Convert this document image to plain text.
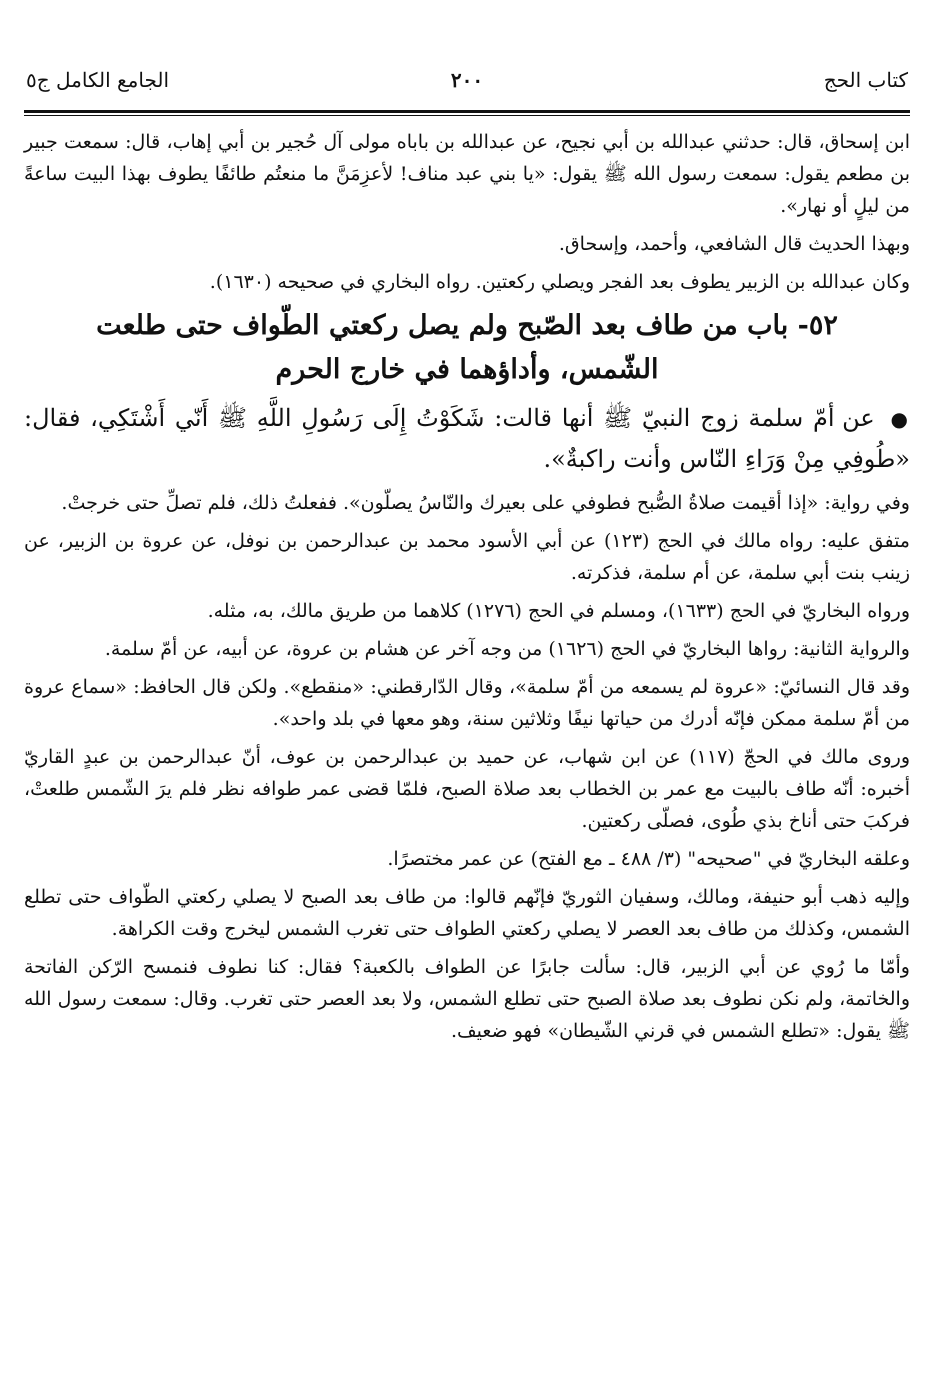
كتاب الحج
٢٠٠
الجامع الكامل ج٥

ابن إسحاق، قال: حدثني عبدالله بن أبي نجيح، عن عبدالله بن باباه مولى آل حُجير بن أبي إهاب، قال: سمعت جبير بن مطعم يقول: سمعت رسول الله ﷺ يقول: «يا بني عبد مناف! لأعزِمَنَّ ما منعتُم طائفًا يطوف بهذا البيت ساعةً من ليلٍ أو نهار».

وبهذا الحديث قال الشافعي، وأحمد، وإسحاق.

وكان عبدالله بن الزبير يطوف بعد الفجر ويصلي ركعتين. رواه البخاري في صحيحه (١٦٣٠).

٥٢- باب من طاف بعد الصّبح ولم يصل ركعتي الطّواف حتى طلعت
الشّمس، وأداؤهما في خارج الحرم

● عن أمّ سلمة زوج النبيّ ﷺ أنها قالت: شَكَوْتُ إِلَى رَسُولِ اللَّهِ ﷺ أَنّي أَشْتَكِي، فقال: «طُوفِي مِنْ وَرَاءِ النّاس وأنت راكبةٌ».

وفي رواية: «إذا أقيمت صلاةُ الصُّبح فطوفي على بعيرك والنّاسُ يصلّون». ففعلتُ ذلك، فلم تصلِّ حتى خرجتْ.

متفق عليه: رواه مالك في الحج (١٢٣) عن أبي الأسود محمد بن عبدالرحمن بن نوفل، عن عروة بن الزبير، عن زينب بنت أبي سلمة، عن أم سلمة، فذكرته.

ورواه البخاريّ في الحج (١٦٣٣)، ومسلم في الحج (١٢٧٦) كلاهما من طريق مالك، به، مثله.

والرواية الثانية: رواها البخاريّ في الحج (١٦٢٦) من وجه آخر عن هشام بن عروة، عن أبيه، عن أمّ سلمة.

وقد قال النسائيّ: «عروة لم يسمعه من أمّ سلمة»، وقال الدّارقطني: «منقطع». ولكن قال الحافظ: «سماع عروة من أمّ سلمة ممكن فإنّه أدرك من حياتها نيفًا وثلاثين سنة، وهو معها في بلد واحد».

وروى مالك في الحجّ (١١٧) عن ابن شهاب، عن حميد بن عبدالرحمن بن عوف، أنّ عبدالرحمن بن عبدٍ القاريّ أخبره: أنّه طاف بالبيت مع عمر بن الخطاب بعد صلاة الصبح، فلمّا قضى عمر طوافه نظر فلم يرَ الشّمس طلعتْ، فركبَ حتى أناخ بذي طُوى، فصلّى ركعتين.

وعلقه البخاريّ في "صحيحه" (٣/ ٤٨٨ ـ مع الفتح) عن عمر مختصرًا.

وإليه ذهب أبو حنيفة، ومالك، وسفيان الثوريّ فإنّهم قالوا: من طاف بعد الصبح لا يصلي ركعتي الطّواف حتى تطلع الشمس، وكذلك من طاف بعد العصر لا يصلي ركعتي الطواف حتى تغرب الشمس ليخرج وقت الكراهة.

وأمّا ما رُوي عن أبي الزبير، قال: سألت جابرًا عن الطواف بالكعبة؟ فقال: كنا نطوف فنمسح الرّكن الفاتحة والخاتمة، ولم نكن نطوف بعد صلاة الصبح حتى تطلع الشمس، ولا بعد العصر حتى تغرب. وقال: سمعت رسول الله ﷺ يقول: «تطلع الشمس في قرني الشّيطان» فهو ضعيف.
